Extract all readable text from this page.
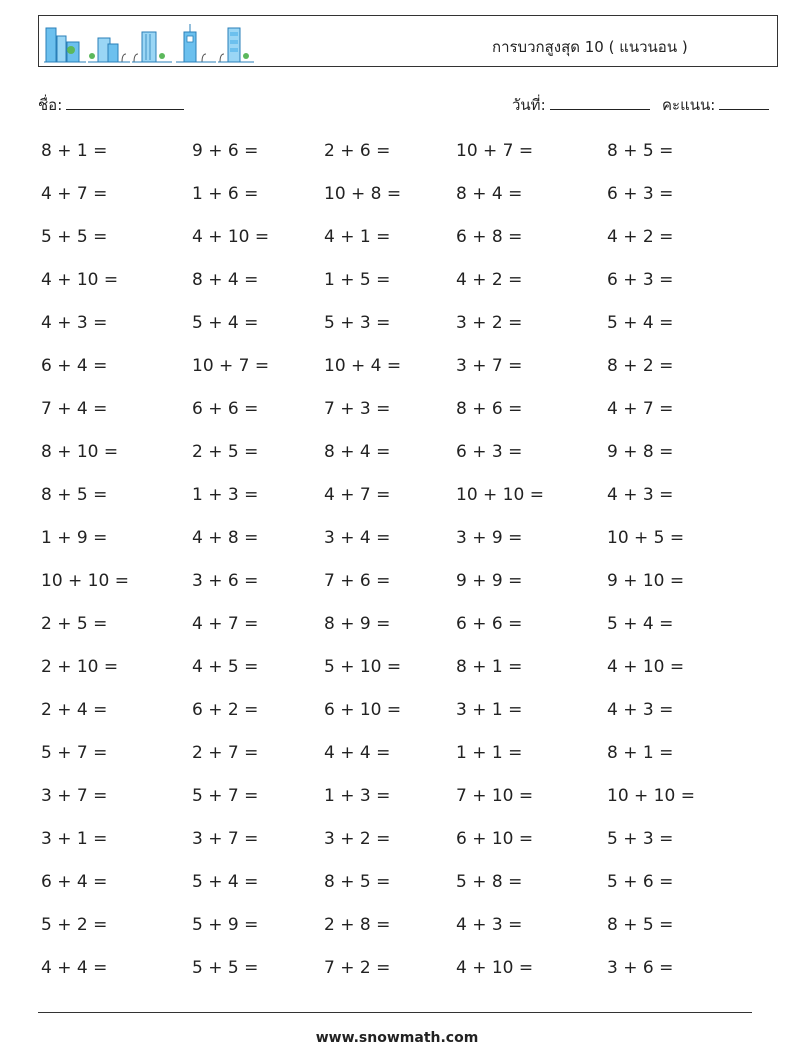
การบวกสูงสุด 10 ( แนวนอน )
ชื่อ:	วันที่:	คะแนน:
8 + 1 =	9 + 6 =	2 + 6 =	10 + 7 =	8 + 5 =
4 + 7 =	1 + 6 =	10 + 8 =	8 + 4 =	6 + 3 =
5 + 5 =	4 + 10 =	4 + 1 =	6 + 8 =	4 + 2 =
4 + 10 =	8 + 4 =	1 + 5 =	4 + 2 =	6 + 3 =
4 + 3 =	5 + 4 =	5 + 3 =	3 + 2 =	5 + 4 =
6 + 4 =	10 + 7 =	10 + 4 =	3 + 7 =	8 + 2 =
7 + 4 =	6 + 6 =	7 + 3 =	8 + 6 =	4 + 7 =
8 + 10 =	2 + 5 =	8 + 4 =	6 + 3 =	9 + 8 =
8 + 5 =	1 + 3 =	4 + 7 =	10 + 10 =	4 + 3 =
1 + 9 =	4 + 8 =	3 + 4 =	3 + 9 =	10 + 5 =
10 + 10 =	3 + 6 =	7 + 6 =	9 + 9 =	9 + 10 =
2 + 5 =	4 + 7 =	8 + 9 =	6 + 6 =	5 + 4 =
2 + 10 =	4 + 5 =	5 + 10 =	8 + 1 =	4 + 10 =
2 + 4 =	6 + 2 =	6 + 10 =	3 + 1 =	4 + 3 =
5 + 7 =	2 + 7 =	4 + 4 =	1 + 1 =	8 + 1 =
3 + 7 =	5 + 7 =	1 + 3 =	7 + 10 =	10 + 10 =
3 + 1 =	3 + 7 =	3 + 2 =	6 + 10 =	5 + 3 =
6 + 4 =	5 + 4 =	8 + 5 =	5 + 8 =	5 + 6 =
5 + 2 =	5 + 9 =	2 + 8 =	4 + 3 =	8 + 5 =
4 + 4 =	5 + 5 =	7 + 2 =	4 + 10 =	3 + 6 =
www.snowmath.com
